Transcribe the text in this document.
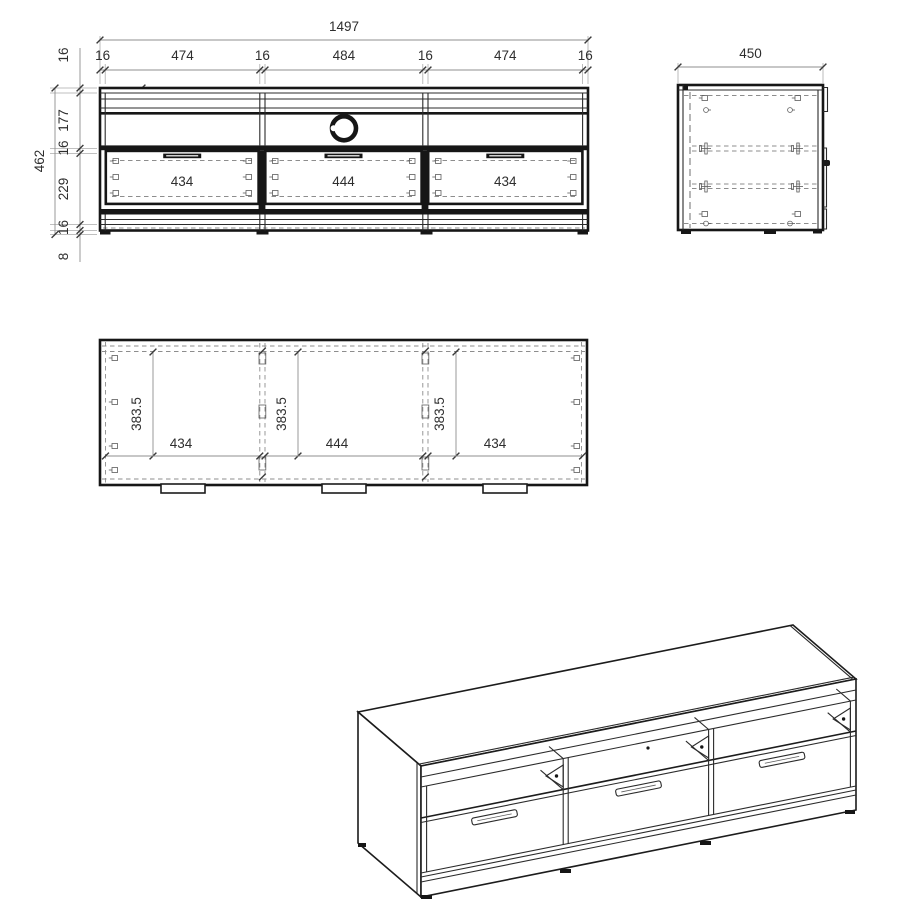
1497
16	474	16	484	16	474	16
462
16
177
16
229
16
8
434	444	434
450
383.5	383.5	383.5
434	444	434
